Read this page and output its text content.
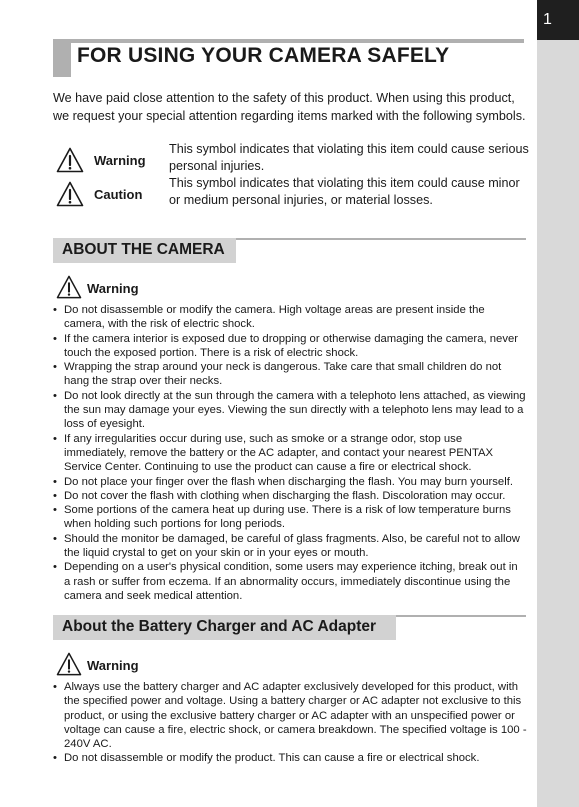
1
FOR USING YOUR CAMERA SAFELY
We have paid close attention to the safety of this product. When using this product, we request your special attention regarding items marked with the following symbols.
Warning
This symbol indicates that violating this item could cause serious personal injuries.
Caution
This symbol indicates that violating this item could cause minor or medium personal injuries, or material losses.
ABOUT THE CAMERA
Warning
• Do not disassemble or modify the camera. High voltage areas are present inside the camera, with the risk of electric shock.
• If the camera interior is exposed due to dropping or otherwise damaging the camera, never touch the exposed portion. There is a risk of electric shock.
• Wrapping the strap around your neck is dangerous. Take care that small children do not hang the strap over their necks.
• Do not look directly at the sun through the camera with a telephoto lens attached, as viewing the sun may damage your eyes. Viewing the sun directly with a telephoto lens may lead to a loss of eyesight.
• If any irregularities occur during use, such as smoke or a strange odor, stop use immediately, remove the battery or the AC adapter, and contact your nearest PENTAX Service Center. Continuing to use the product can cause a fire or electrical shock.
• Do not place your finger over the flash when discharging the flash. You may burn yourself.
• Do not cover the flash with clothing when discharging the flash. Discoloration may occur.
• Some portions of the camera heat up during use. There is a risk of low temperature burns when holding such portions for long periods.
• Should the monitor be damaged, be careful of glass fragments. Also, be careful not to allow the liquid crystal to get on your skin or in your eyes or mouth.
• Depending on a user's physical condition, some users may experience itching, break out in a rash or suffer from eczema. If an abnormality occurs, immediately discontinue using the camera and seek medical attention.
About the Battery Charger and AC Adapter
Warning
• Always use the battery charger and AC adapter exclusively developed for this product, with the specified power and voltage. Using a battery charger or AC adapter not exclusive to this product, or using the exclusive battery charger or AC adapter with an unspecified power or voltage can cause a fire, electric shock, or camera breakdown. The specified voltage is 100 - 240V AC.
• Do not disassemble or modify the product. This can cause a fire or electrical shock.
